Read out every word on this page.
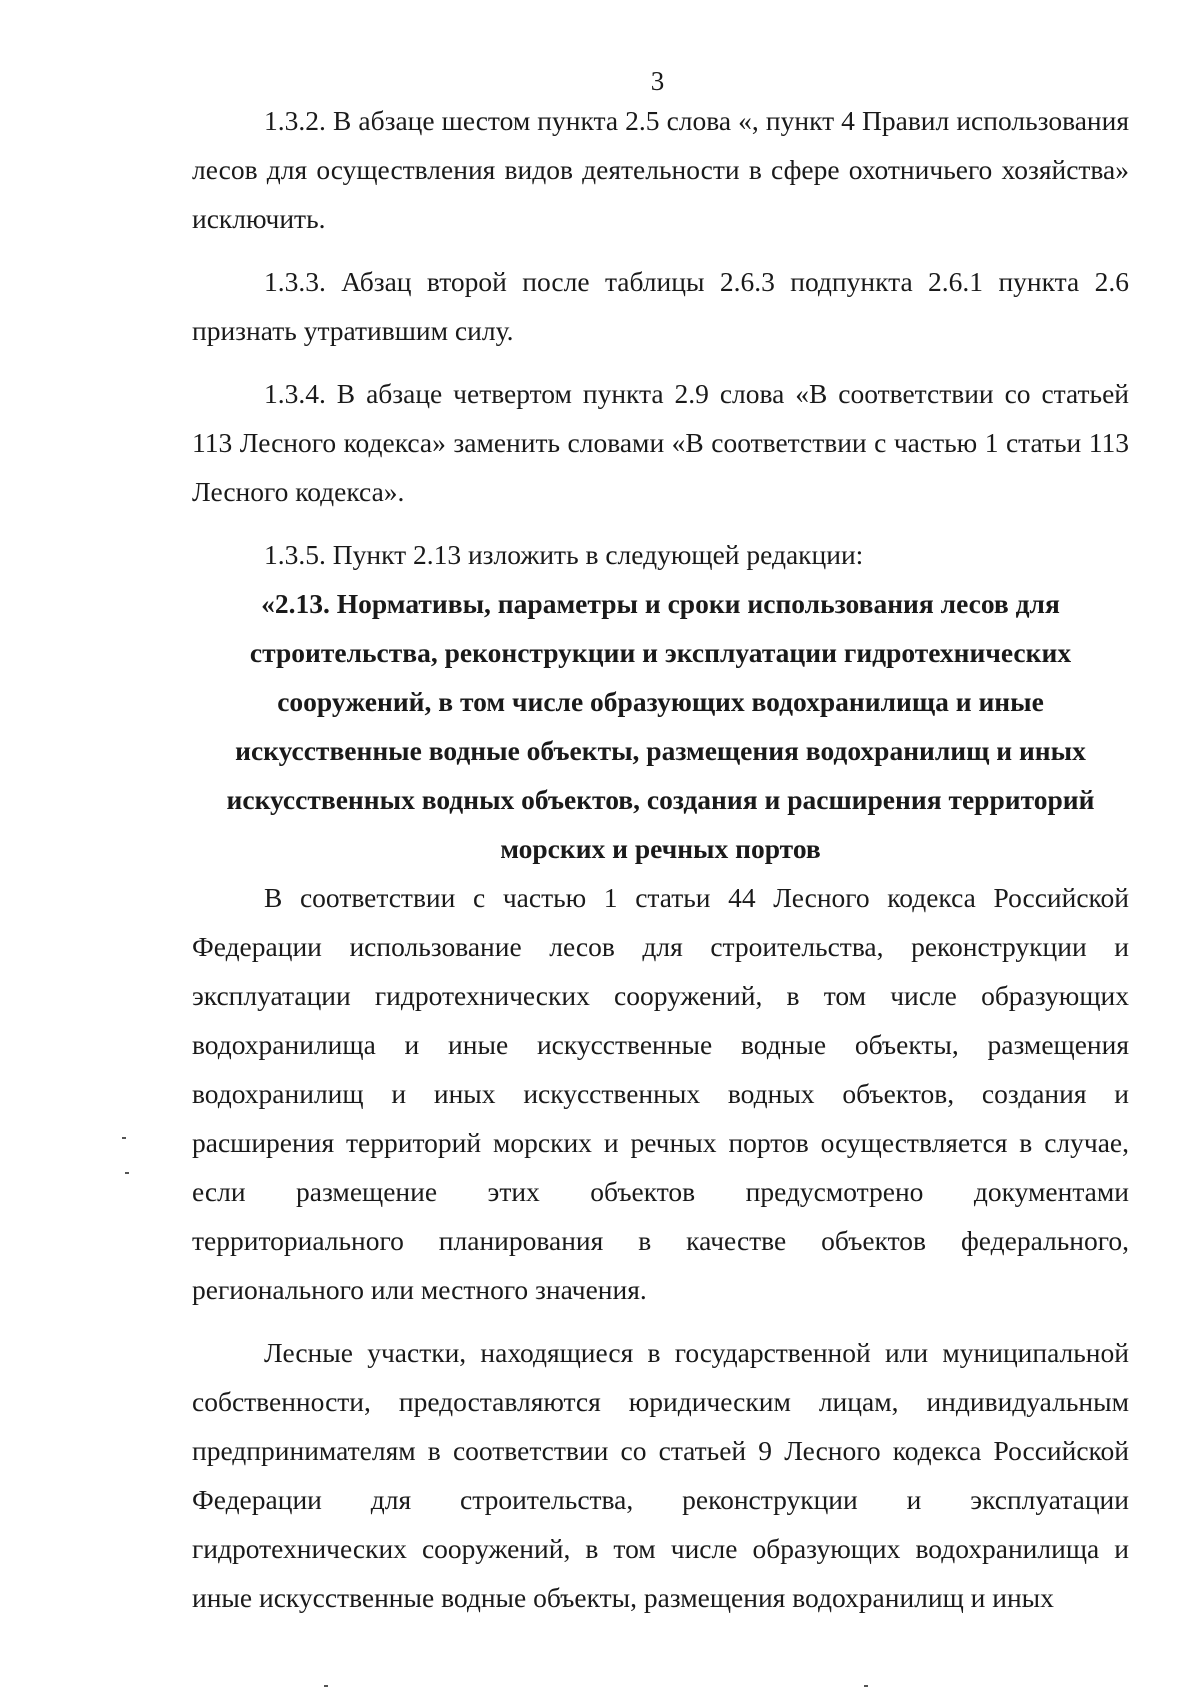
3

1.3.2. В абзаце шестом пункта 2.5 слова «, пункт 4 Правил использования лесов для осуществления видов деятельности в сфере охотничьего хозяйства» исключить.

1.3.3. Абзац второй после таблицы 2.6.3 подпункта 2.6.1 пункта 2.6 признать утратившим силу.

1.3.4. В абзаце четвертом пункта 2.9 слова «В соответствии со статьей 113 Лесного кодекса» заменить словами «В соответствии с частью 1 статьи 113 Лесного кодекса».

1.3.5. Пункт 2.13 изложить в следующей редакции:

«2.13. Нормативы, параметры и сроки использования лесов для строительства, реконструкции и эксплуатации гидротехнических сооружений, в том числе образующих водохранилища и иные искусственные водные объекты, размещения водохранилищ и иных искусственных водных объектов, создания и расширения территорий морских и речных портов

В соответствии с частью 1 статьи 44 Лесного кодекса Российской Федерации использование лесов для строительства, реконструкции и эксплуатации гидротехнических сооружений, в том числе образующих водохранилища и иные искусственные водные объекты, размещения водохранилищ и иных искусственных водных объектов, создания и расширения территорий морских и речных портов осуществляется в случае, если размещение этих объектов предусмотрено документами территориального планирования в качестве объектов федерального, регионального или местного значения.

Лесные участки, находящиеся в государственной или муниципальной собственности, предоставляются юридическим лицам, индивидуальным предпринимателям в соответствии со статьей 9 Лесного кодекса Российской Федерации для строительства, реконструкции и эксплуатации гидротехнических сооружений, в том числе образующих водохранилища и иные искусственные водные объекты, размещения водохранилищ и иных
